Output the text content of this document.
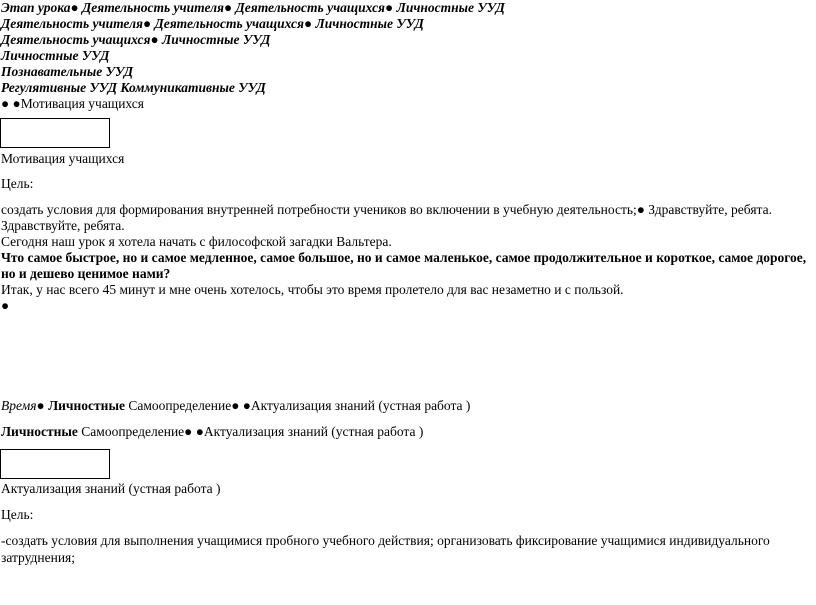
Этап урока● Деятельность учителя● Деятельность учащихся● Личностные УУД
Деятельность учителя● Деятельность учащихся● Личностные УУД
Деятельность учащихся● Личностные УУД
Личностные УУД
Познавательные УУД
Регулятивные УУД Коммуникативные УУД
● ●Мотивация учащихся
Мотивация учащихся
Цель:
создать условия для формирования внутренней потребности учеников во включении в учебную деятельность;● Здравствуйте, ребята.
Здравствуйте, ребята.
Сегодня наш урок я хотела начать с философской загадки Вальтера.
Что самое быстрое, но и самое медленное, самое большое, но и самое маленькое, самое продолжительное и короткое, самое дорогое, но и дешево ценимое нами?
Итак, у нас всего 45 минут и мне очень хотелось, чтобы это время пролетело для вас незаметно и с пользой.
●
Время● Личностные Самоопределение● ●Актуализация знаний (устная работа )
Личностные Самоопределение● ●Актуализация знаний (устная работа )
Актуализация знаний (устная работа )
Цель:
-создать условия для выполнения учащимися пробного учебного действия; организовать фиксирование учащимися индивидуального затруднения;
